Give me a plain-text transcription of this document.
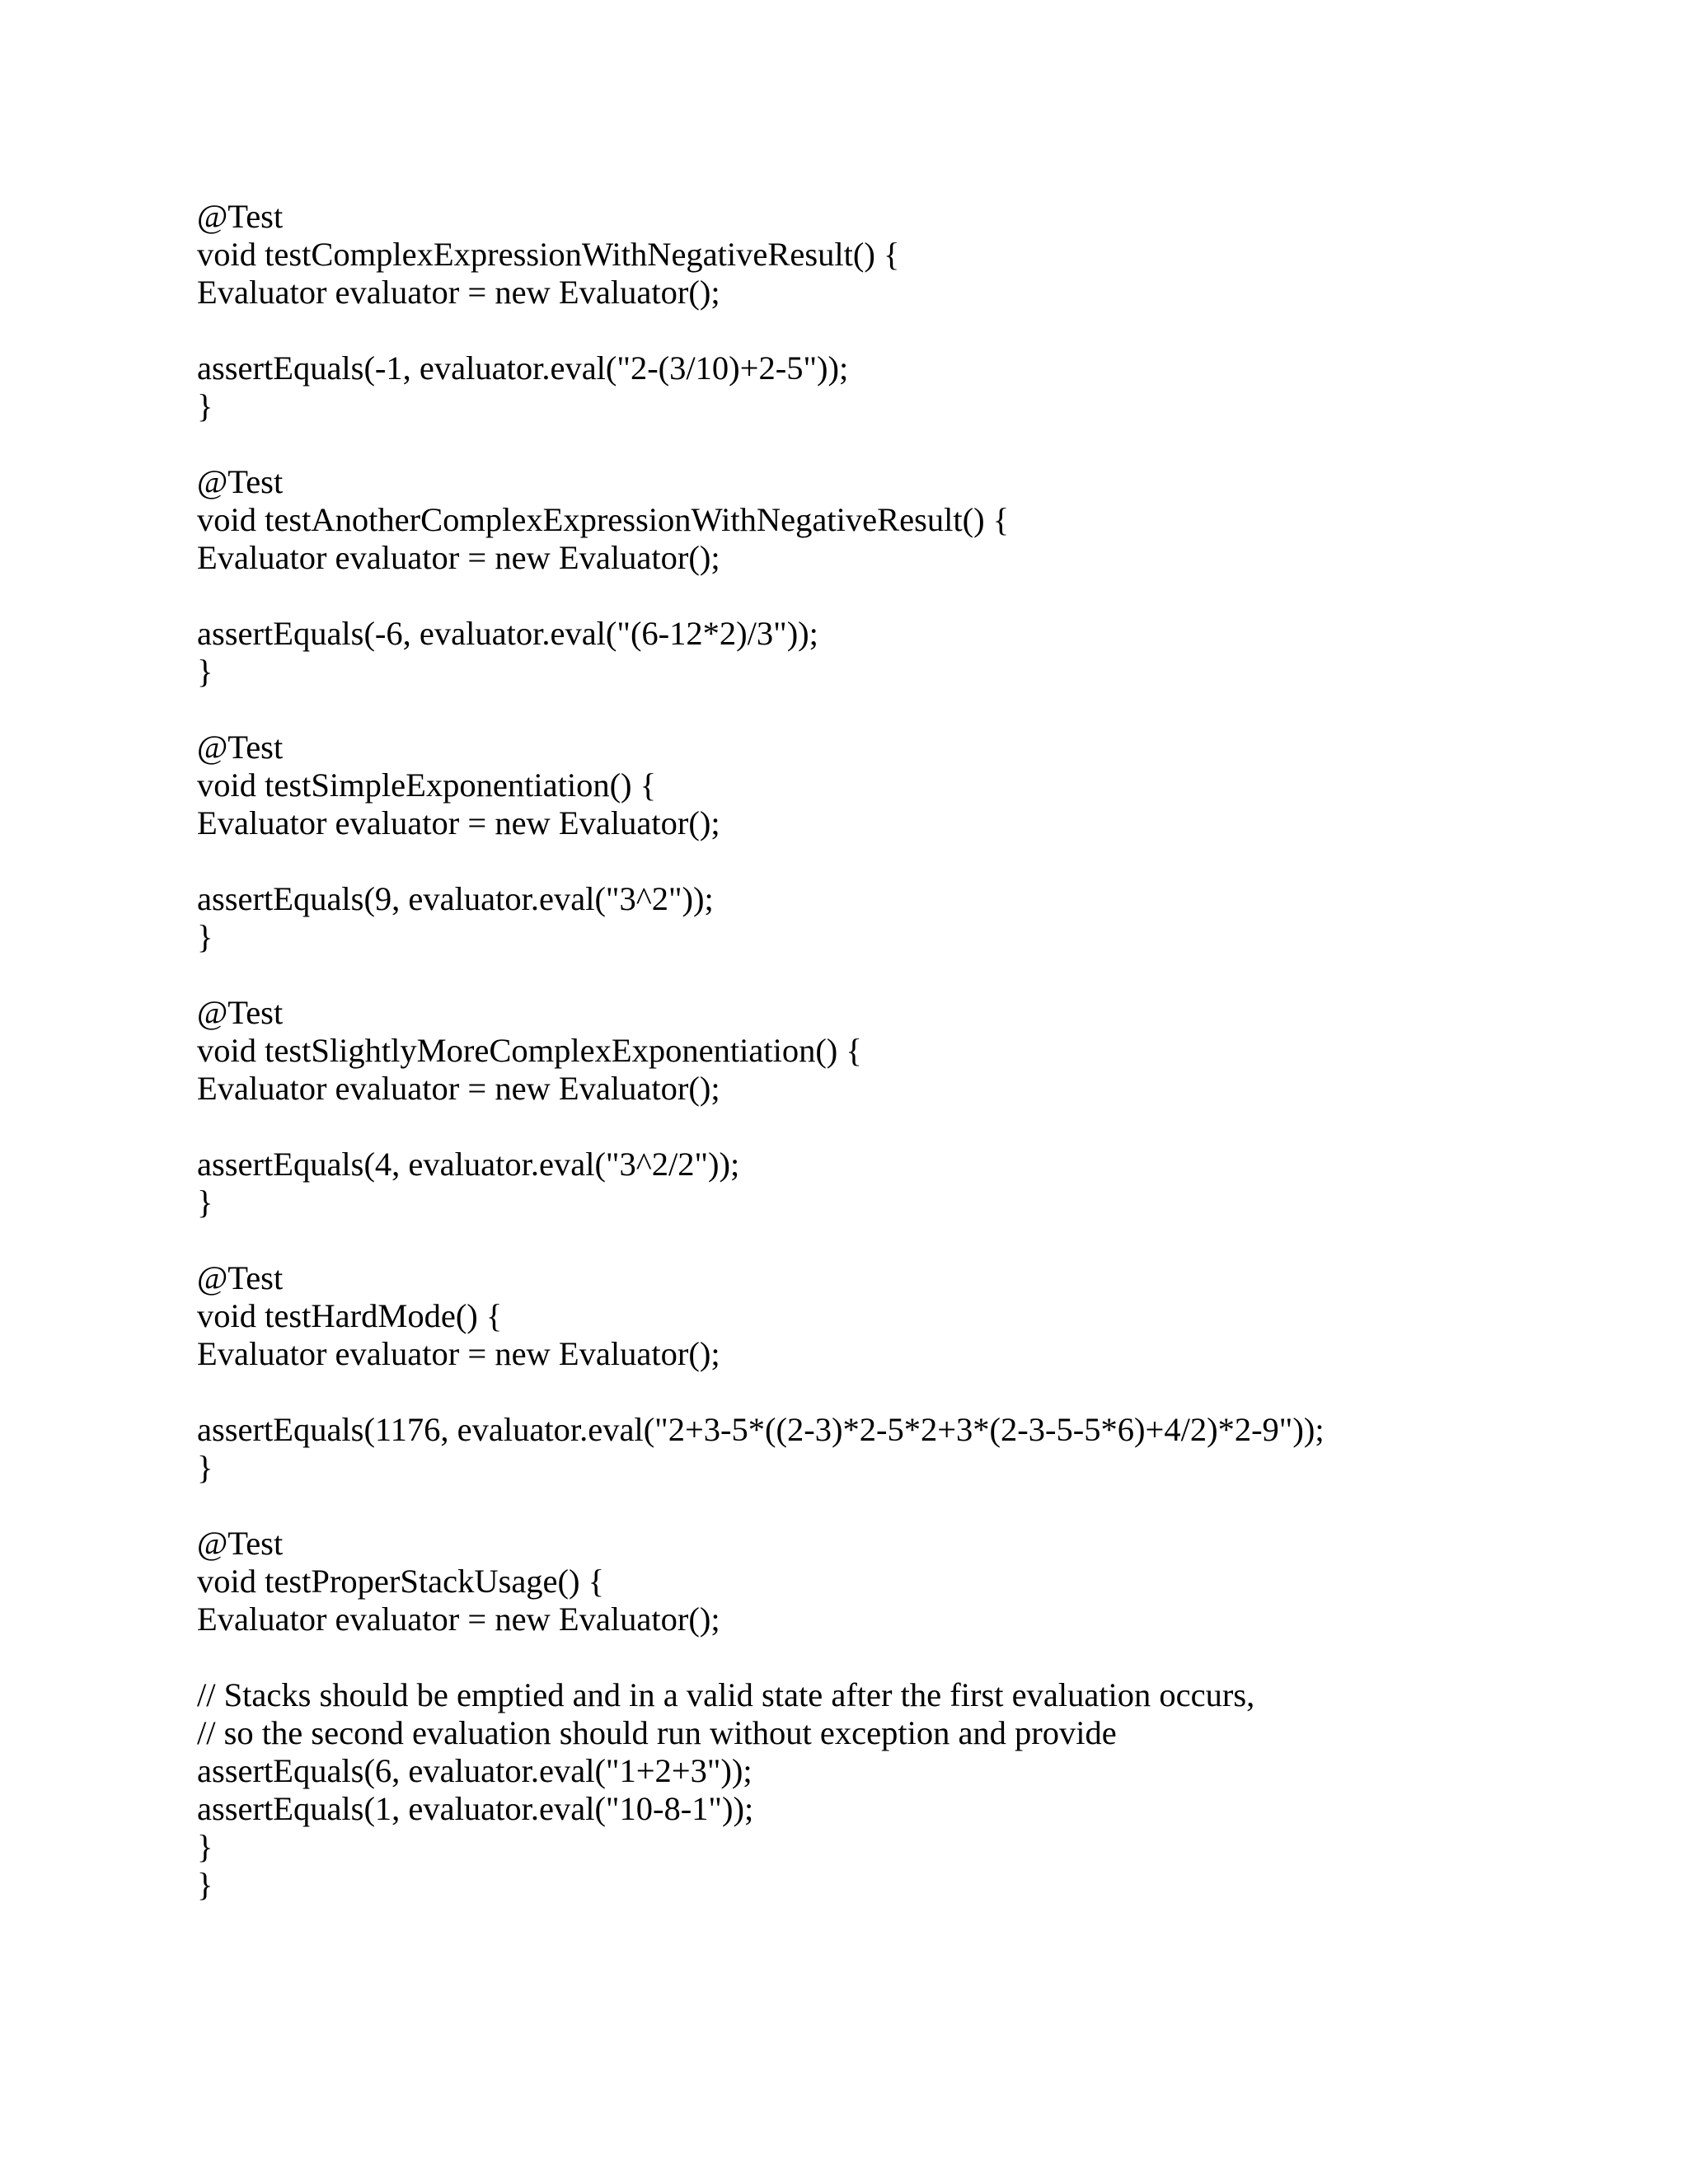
@Test
void testComplexExpressionWithNegativeResult() {
Evaluator evaluator = new Evaluator();
assertEquals(-1, evaluator.eval("2-(3/10)+2-5"));
}
@Test
void testAnotherComplexExpressionWithNegativeResult() {
Evaluator evaluator = new Evaluator();
assertEquals(-6, evaluator.eval("(6-12*2)/3"));
}
@Test
void testSimpleExponentiation() {
Evaluator evaluator = new Evaluator();
assertEquals(9, evaluator.eval("3^2"));
}
@Test
void testSlightlyMoreComplexExponentiation() {
Evaluator evaluator = new Evaluator();
assertEquals(4, evaluator.eval("3^2/2"));
}
@Test
void testHardMode() {
Evaluator evaluator = new Evaluator();
assertEquals(1176, evaluator.eval("2+3-5*((2-3)*2-5*2+3*(2-3-5-5*6)+4/2)*2-9"));
}
@Test
void testProperStackUsage() {
Evaluator evaluator = new Evaluator();
// Stacks should be emptied and in a valid state after the first evaluation occurs,
// so the second evaluation should run without exception and provide
assertEquals(6, evaluator.eval("1+2+3"));
assertEquals(1, evaluator.eval("10-8-1"));
}
}
